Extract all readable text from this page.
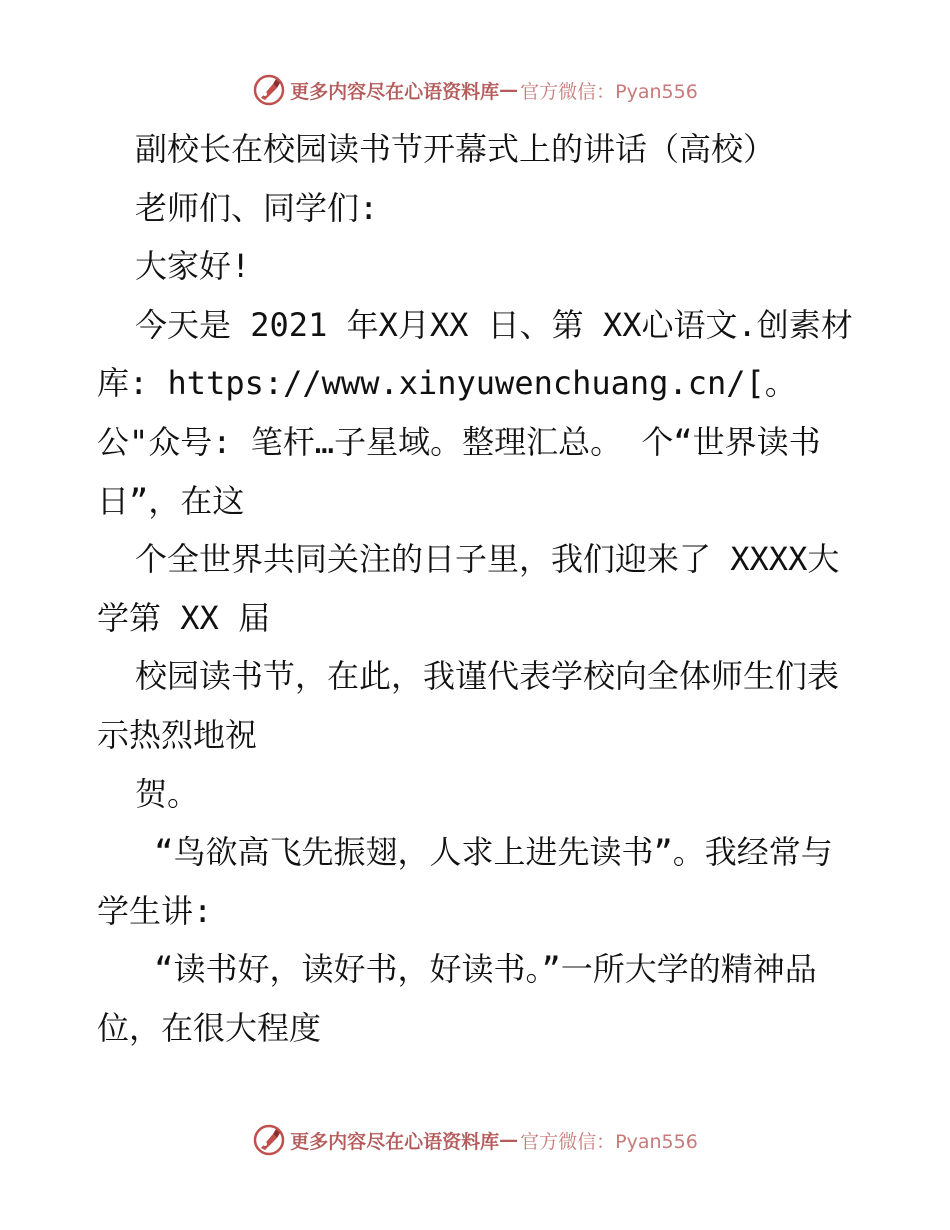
更多内容尽在心语资料库 — 官方微信：Pyan556

副校长在校园读书节开幕式上的讲话（高校）

老师们、同学们:

大家好!

今天是 2021 年X月XX 日、第 XX心语文.创素材库: https://www.xinyuwenchuang.cn/[。公"众号: 笔杆…子星域。整理汇总。 个“世界读书日”，在这

个全世界共同关注的日子里，我们迎来了 XXXX大学第 XX 届

校园读书节，在此，我谨代表学校向全体师生们表示热烈地祝

贺。

“鸟欲高飞先振翅，人求上进先读书”。我经常与学生讲:

“读书好，读好书，好读书。”一所大学的精神品位，在很大程度

更多内容尽在心语资料库 — 官方微信：Pyan556
